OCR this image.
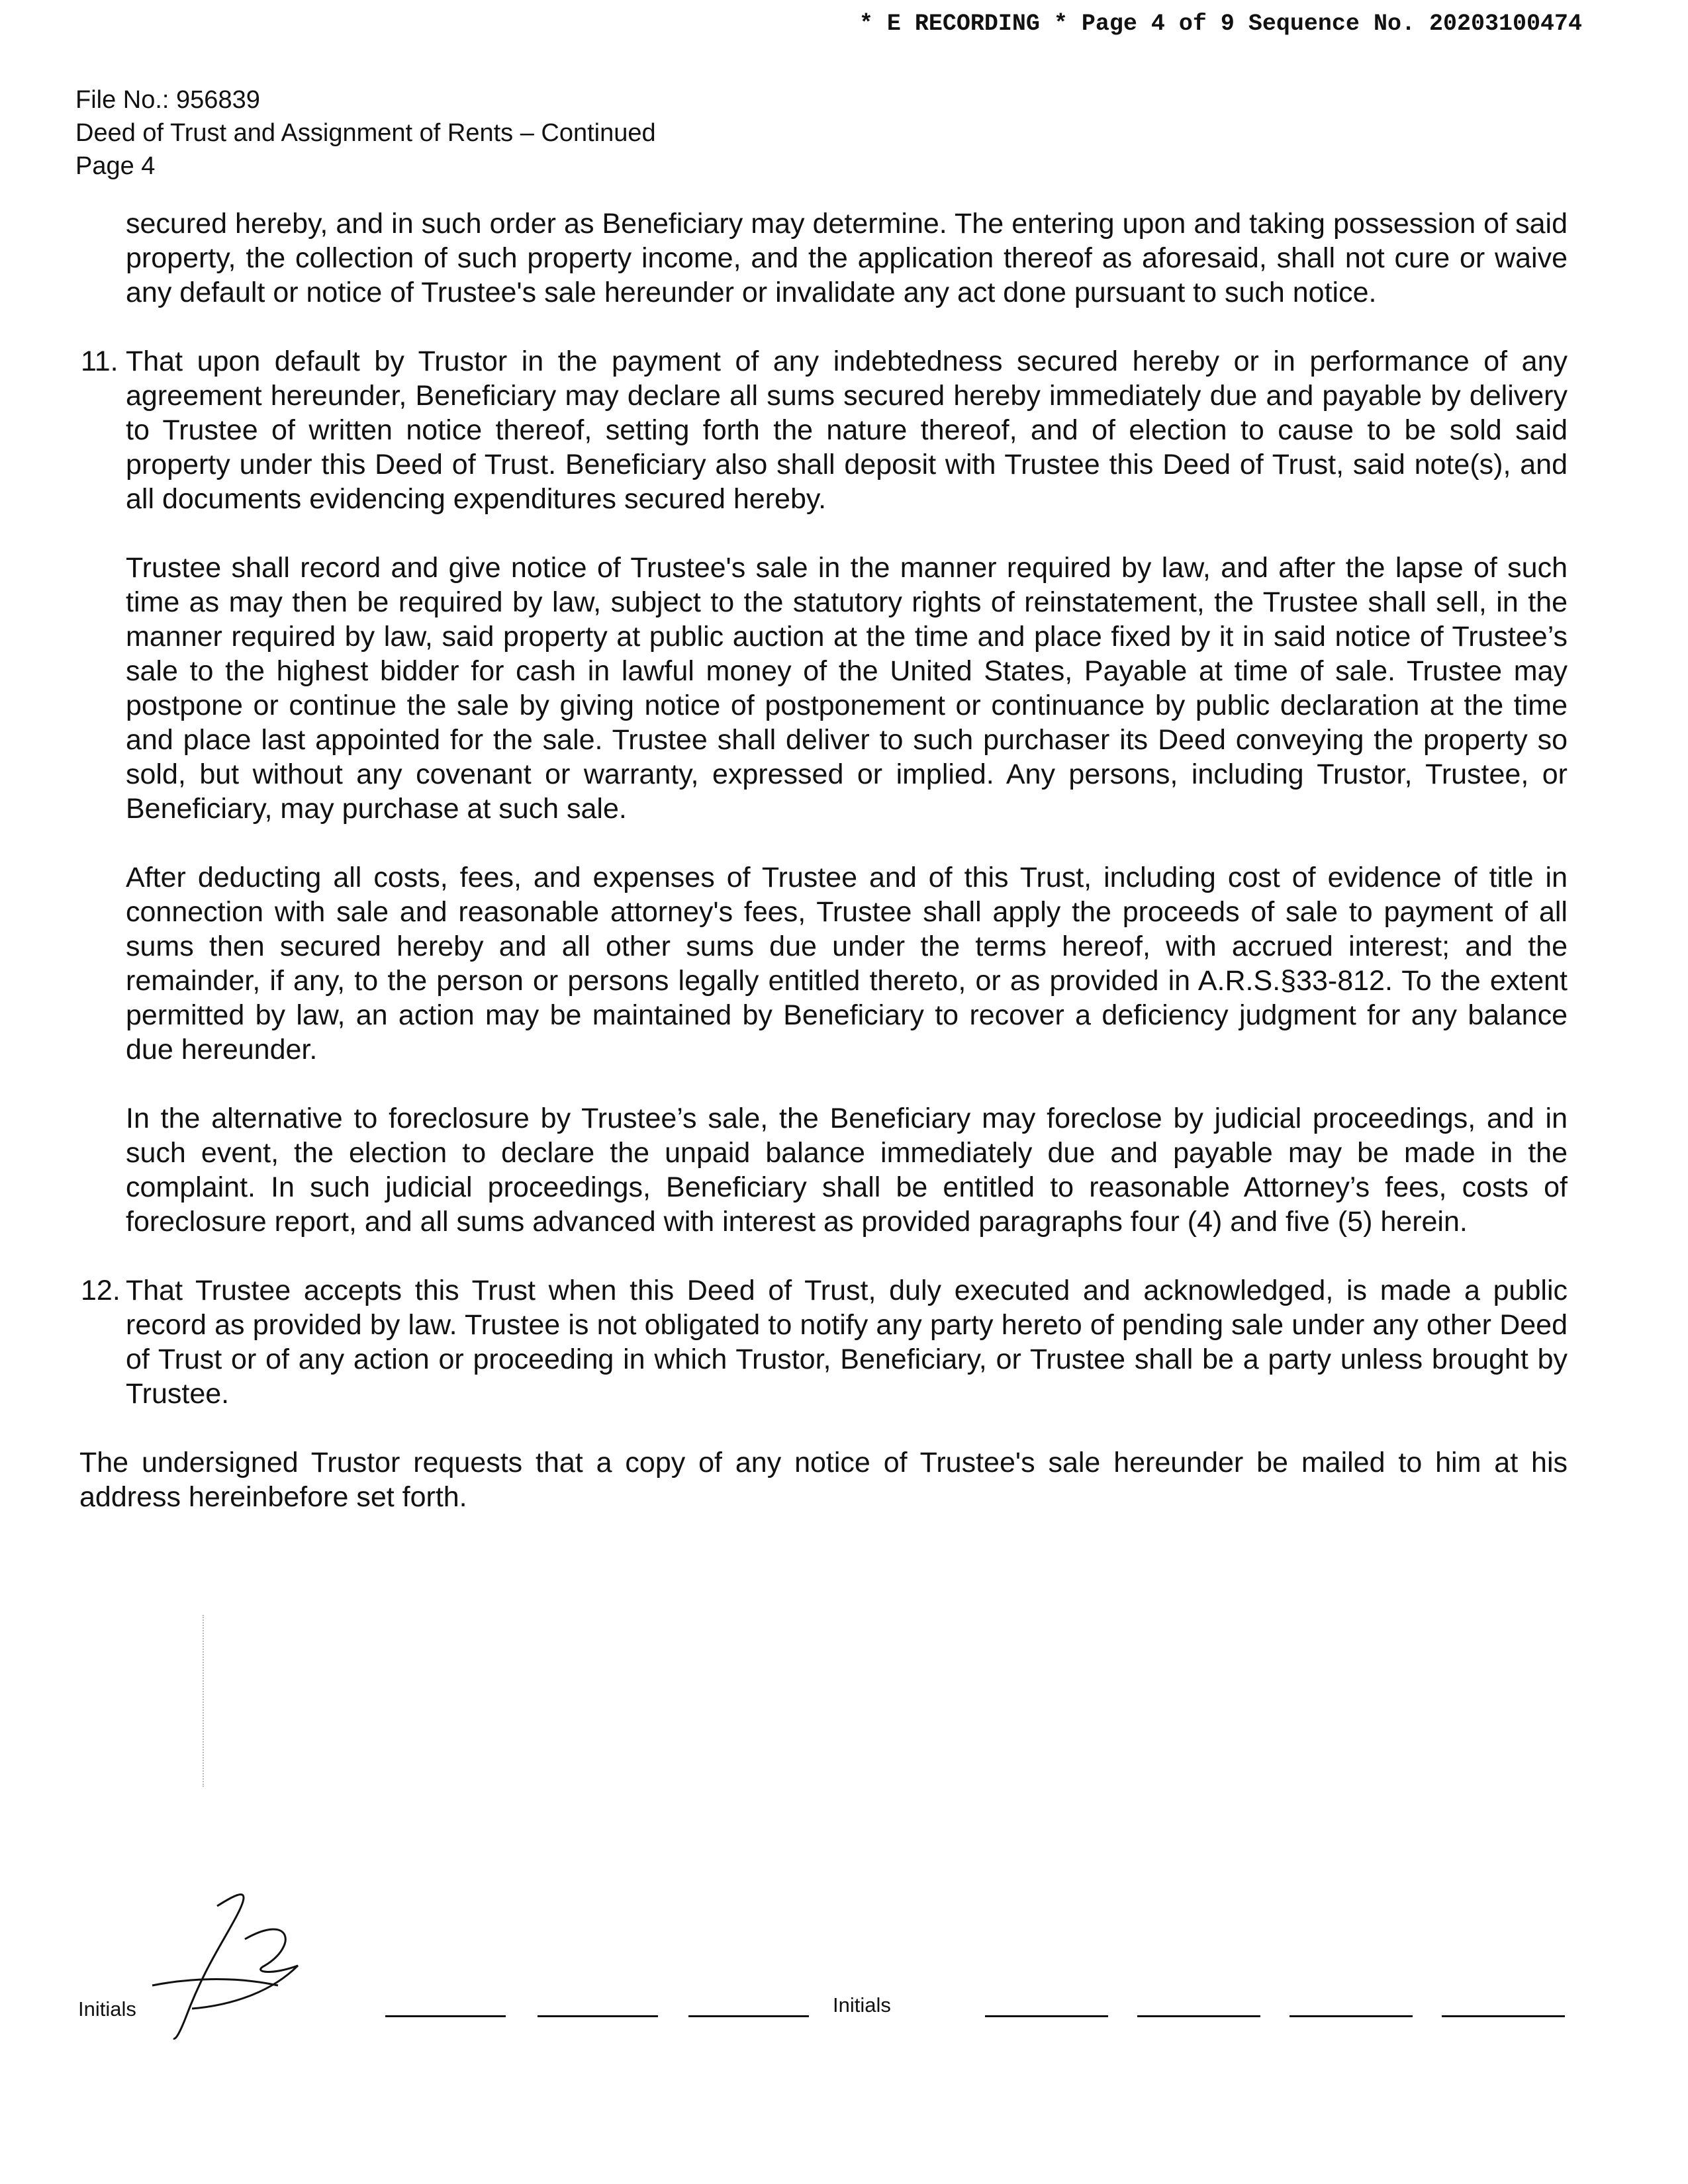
* E RECORDING * Page 4 of 9 Sequence No. 20203100474
File No.: 956839
Deed of Trust and Assignment of Rents – Continued
Page 4

secured hereby, and in such order as Beneficiary may determine. The entering upon and taking possession of said property, the collection of such property income, and the application thereof as aforesaid, shall not cure or waive any default or notice of Trustee's sale hereunder or invalidate any act done pursuant to such notice.

11. That upon default by Trustor in the payment of any indebtedness secured hereby or in performance of any agreement hereunder, Beneficiary may declare all sums secured hereby immediately due and payable by delivery to Trustee of written notice thereof, setting forth the nature thereof, and of election to cause to be sold said property under this Deed of Trust. Beneficiary also shall deposit with Trustee this Deed of Trust, said note(s), and all documents evidencing expenditures secured hereby.

Trustee shall record and give notice of Trustee's sale in the manner required by law, and after the lapse of such time as may then be required by law, subject to the statutory rights of reinstatement, the Trustee shall sell, in the manner required by law, said property at public auction at the time and place fixed by it in said notice of Trustee’s sale to the highest bidder for cash in lawful money of the United States, Payable at time of sale. Trustee may postpone or continue the sale by giving notice of postponement or continuance by public declaration at the time and place last appointed for the sale. Trustee shall deliver to such purchaser its Deed conveying the property so sold, but without any covenant or warranty, expressed or implied. Any persons, including Trustor, Trustee, or Beneficiary, may purchase at such sale.

After deducting all costs, fees, and expenses of Trustee and of this Trust, including cost of evidence of title in connection with sale and reasonable attorney's fees, Trustee shall apply the proceeds of sale to payment of all sums then secured hereby and all other sums due under the terms hereof, with accrued interest; and the remainder, if any, to the person or persons legally entitled thereto, or as provided in A.R.S.§33-812. To the extent permitted by law, an action may be maintained by Beneficiary to recover a deficiency judgment for any balance due hereunder.

In the alternative to foreclosure by Trustee’s sale, the Beneficiary may foreclose by judicial proceedings, and in such event, the election to declare the unpaid balance immediately due and payable may be made in the complaint. In such judicial proceedings, Beneficiary shall be entitled to reasonable Attorney’s fees, costs of foreclosure report, and all sums advanced with interest as provided paragraphs four (4) and five (5) herein.

12. That Trustee accepts this Trust when this Deed of Trust, duly executed and acknowledged, is made a public record as provided by law. Trustee is not obligated to notify any party hereto of pending sale under any other Deed of Trust or of any action or proceeding in which Trustor, Beneficiary, or Trustee shall be a party unless brought by Trustee.

The undersigned Trustor requests that a copy of any notice of Trustee's sale hereunder be mailed to him at his address hereinbefore set forth.

Initials	Initials
